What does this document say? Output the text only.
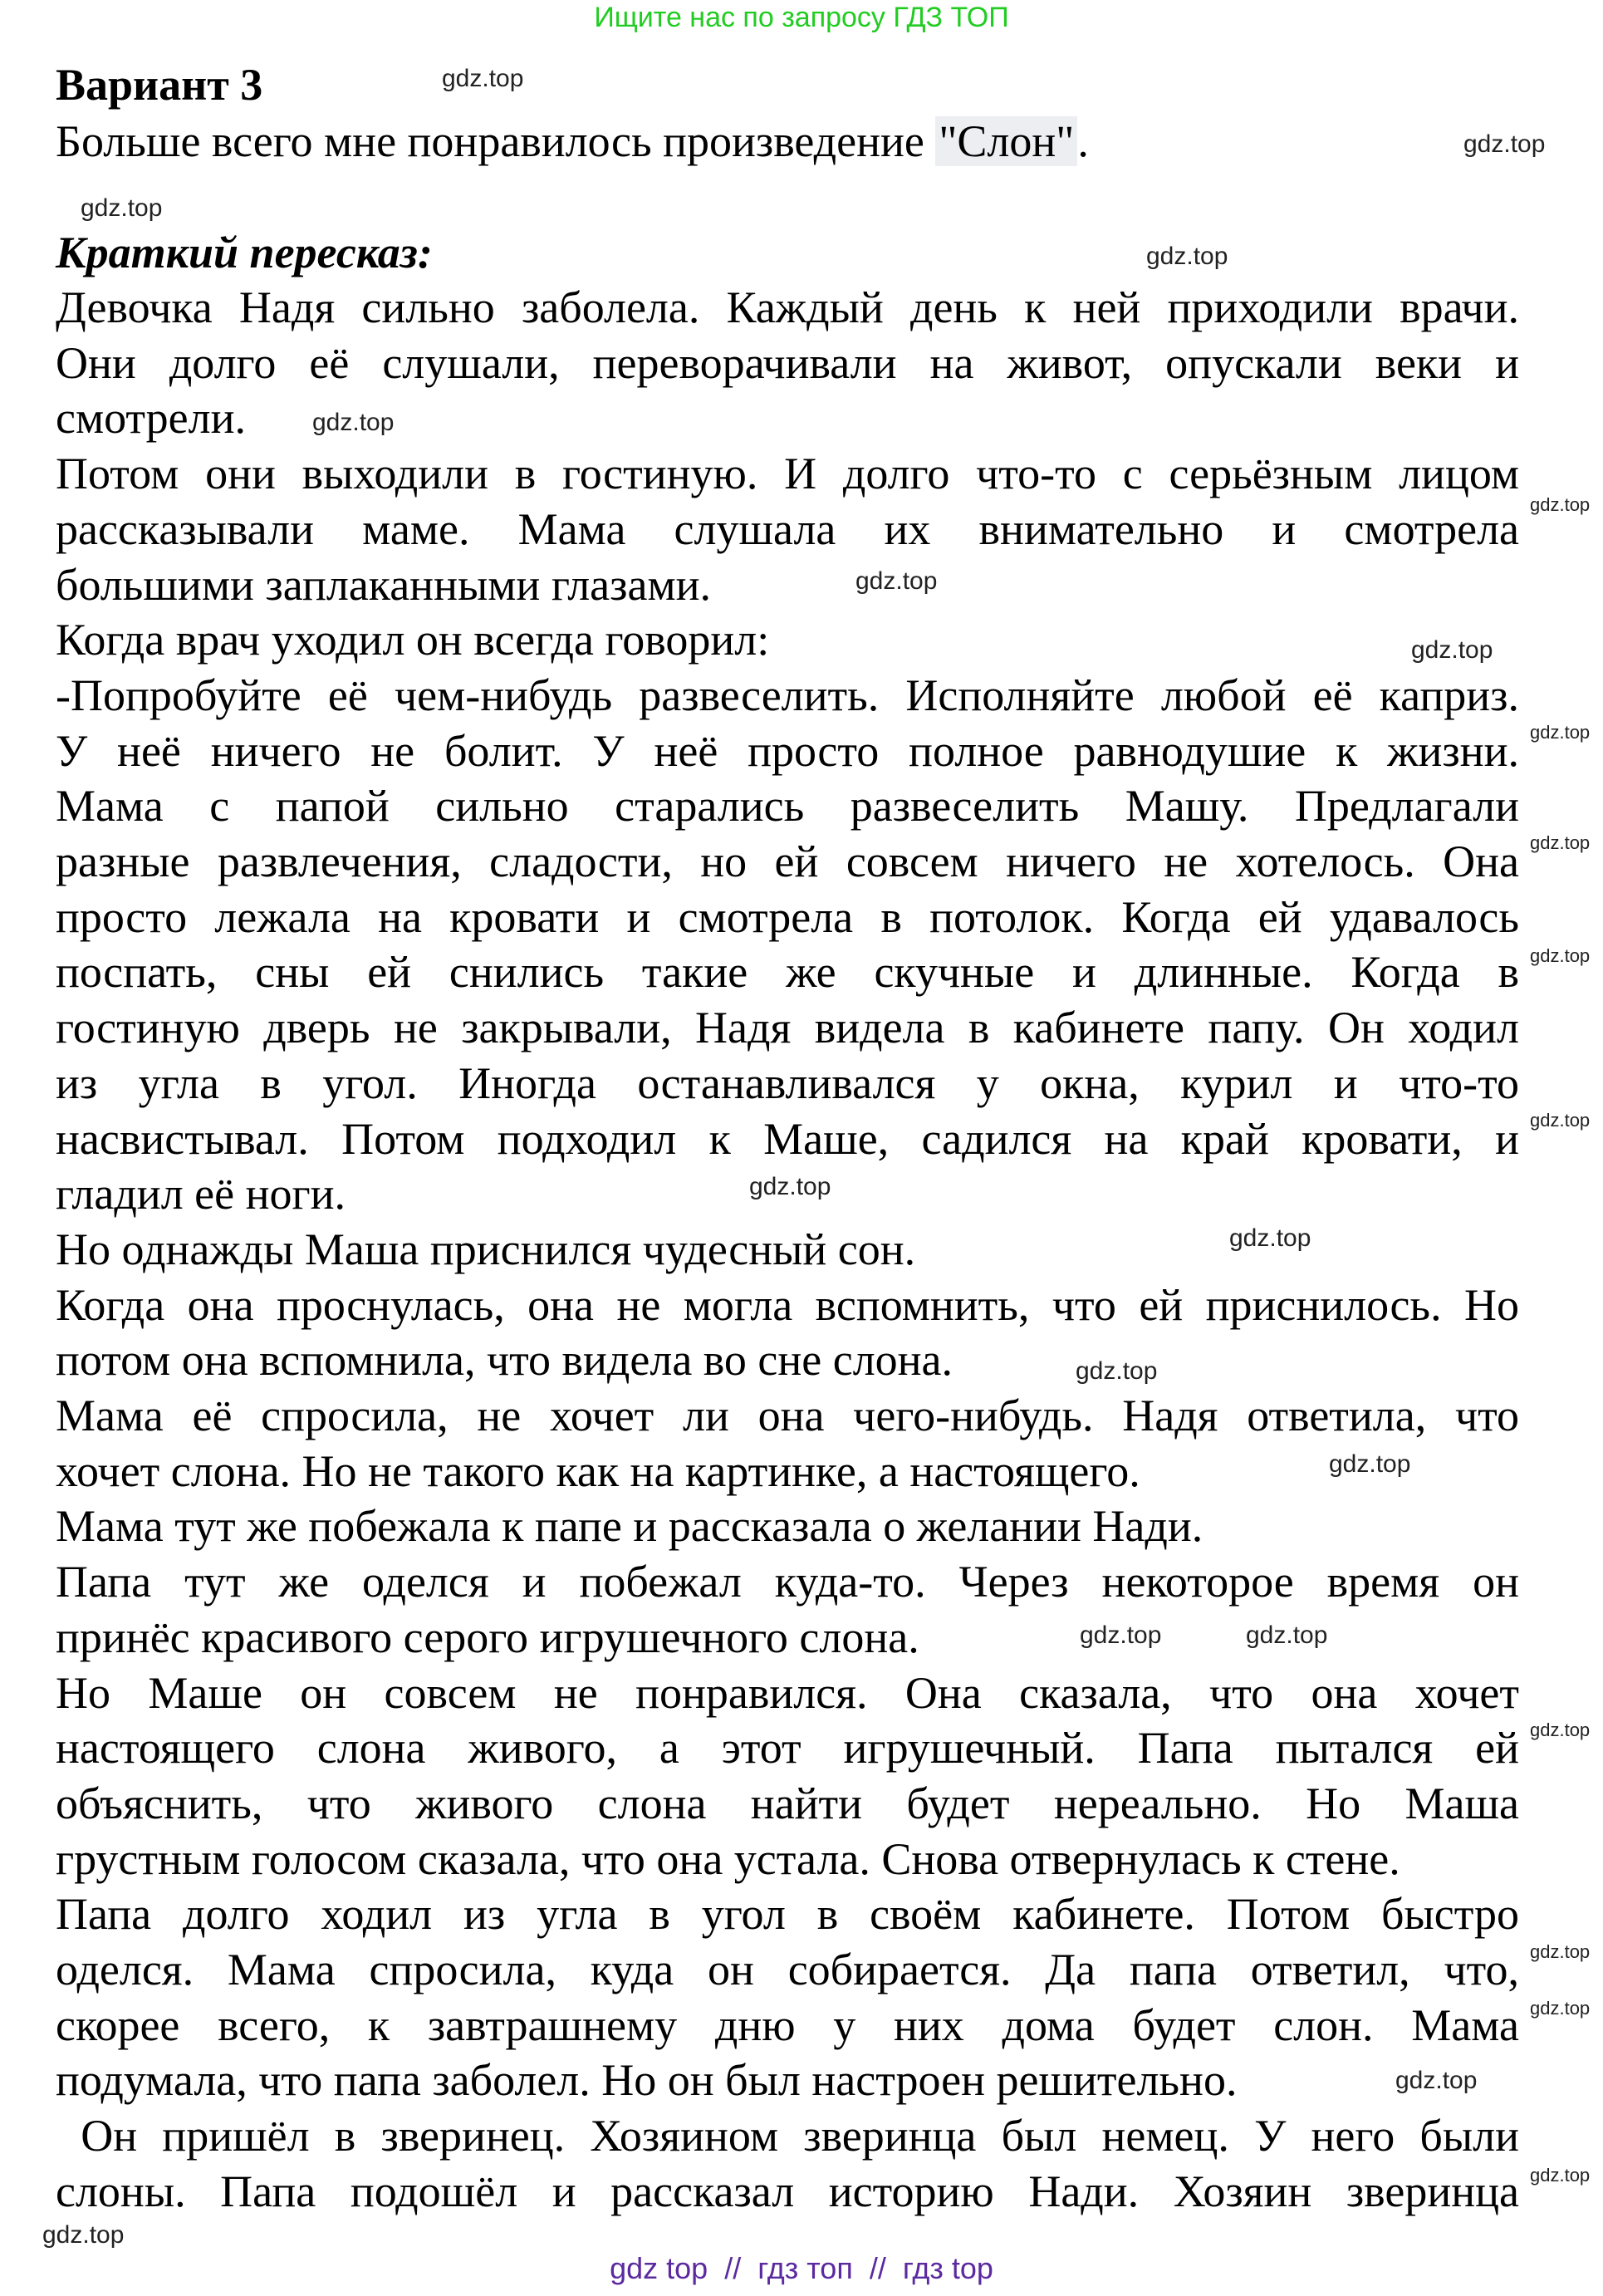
Ищите нас по запросу ГДЗ ТОП
Вариант 3
Больше всего мне понравилось произведение "Слон".
Краткий пересказ:
Девочка Надя сильно заболела. Каждый день к ней приходили врачи.
Они долго её слушали, переворачивали на живот, опускали веки и
смотрели.
Потом они выходили в гостиную. И долго что-то с серьёзным лицом
рассказывали маме. Мама слушала их внимательно и смотрела
большими заплаканными глазами.
Когда врач уходил он всегда говорил:
-Попробуйте её чем-нибудь развеселить. Исполняйте любой её каприз.
У неё ничего не болит. У неё просто полное равнодушие к жизни.
Мама с папой сильно старались развеселить Машу. Предлагали
разные развлечения, сладости, но ей совсем ничего не хотелось. Она
просто лежала на кровати и смотрела в потолок. Когда ей удавалось
поспать, сны ей снились такие же скучные и длинные. Когда в
гостиную дверь не закрывали, Надя видела в кабинете папу. Он ходил
из угла в угол. Иногда останавливался у окна, курил и что-то
насвистывал. Потом подходил к Маше, садился на край кровати, и
гладил её ноги.
Но однажды Маша приснился чудесный сон.
Когда она проснулась, она не могла вспомнить, что ей приснилось. Но
потом она вспомнила, что видела во сне слона.
Мама её спросила, не хочет ли она чего-нибудь. Надя ответила, что
хочет слона. Но не такого как на картинке, а настоящего.
Мама тут же побежала к папе и рассказала о желании Нади.
Папа тут же оделся и побежал куда-то. Через некоторое время он
принёс красивого серого игрушечного слона.
Но Маше он совсем не понравился. Она сказала, что она хочет
настоящего слона живого, а этот игрушечный. Папа пытался ей
объяснить, что живого слона найти будет нереально. Но Маша
грустным голосом сказала, что она устала. Снова отвернулась к стене.
Папа долго ходил из угла в угол в своём кабинете. Потом быстро
оделся. Мама спросила, куда он собирается. Да папа ответил, что,
скорее всего, к завтрашнему дню у них дома будет слон. Мама
подумала, что папа заболел. Но он был настроен решительно.
Он пришёл в зверинец. Хозяином зверинца был немец. У него были
слоны. Папа подошёл и рассказал историю Нади. Хозяин зверинца
gdz.top
gdz.top
gdz.top
gdz.top
gdz.top
gdz.top
gdz.top
gdz.top
gdz.top
gdz.top
gdz.top
gdz.top
gdz.top
gdz.top
gdz.top
gdz.top
gdz.top	gdz.top
gdz.top
gdz.top
gdz.top
gdz.top
gdz.top
gdz.top
gdz top  //  гдз топ  //  гдз top
